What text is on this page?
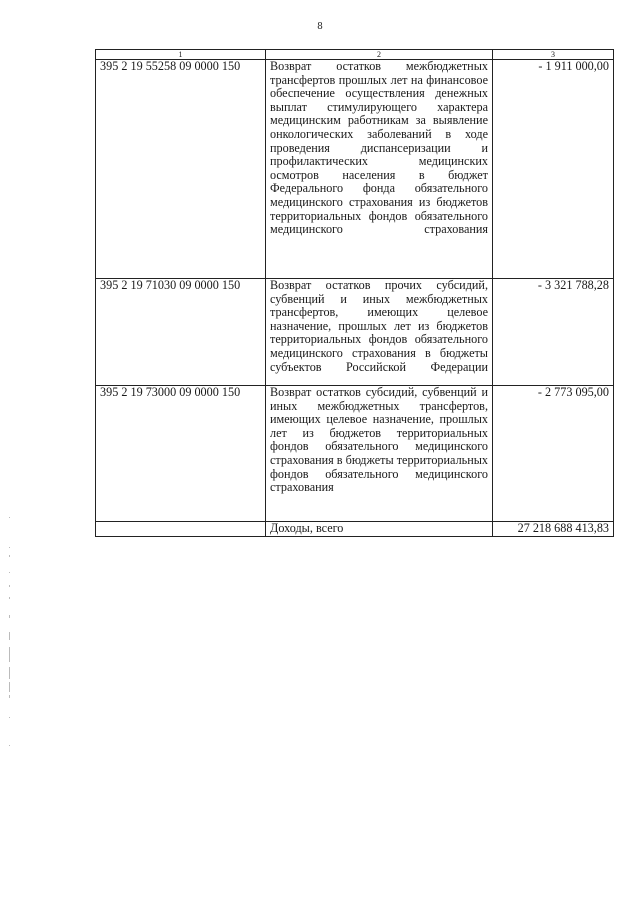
8
1	2	3
395 2 19 55258 09 0000 150	Возврат остатков межбюджетных трансфертов прошлых лет на финансовое обеспечение осуществления денежных выплат стимулирующего характера медицинским работникам за выявление онкологических заболеваний в ходе проведения диспансеризации и профилактических медицинских осмотров населения в бюджет Федерального фонда обязательного медицинского страхования из бюджетов территориальных фондов обязательного медицинского страхования	- 1 911 000,00
395 2 19 71030 09 0000 150	Возврат остатков прочих субсидий, субвенций и иных межбюджетных трансфертов, имеющих целевое назначение, прошлых лет из бюджетов территориальных фондов обязательного медицинского страхования в бюджеты субъектов Российской Федерации	- 3 321 788,28
395 2 19 73000 09 0000 150	Возврат остатков субсидий, субвенций и иных межбюджетных трансфертов, имеющих целевое назначение, прошлых лет из бюджетов территориальных фондов обязательного медицинского страхования в бюджеты территориальных фондов обязательного медицинского страхования	- 2 773 095,00
	Доходы, всего	27 218 688 413,83
